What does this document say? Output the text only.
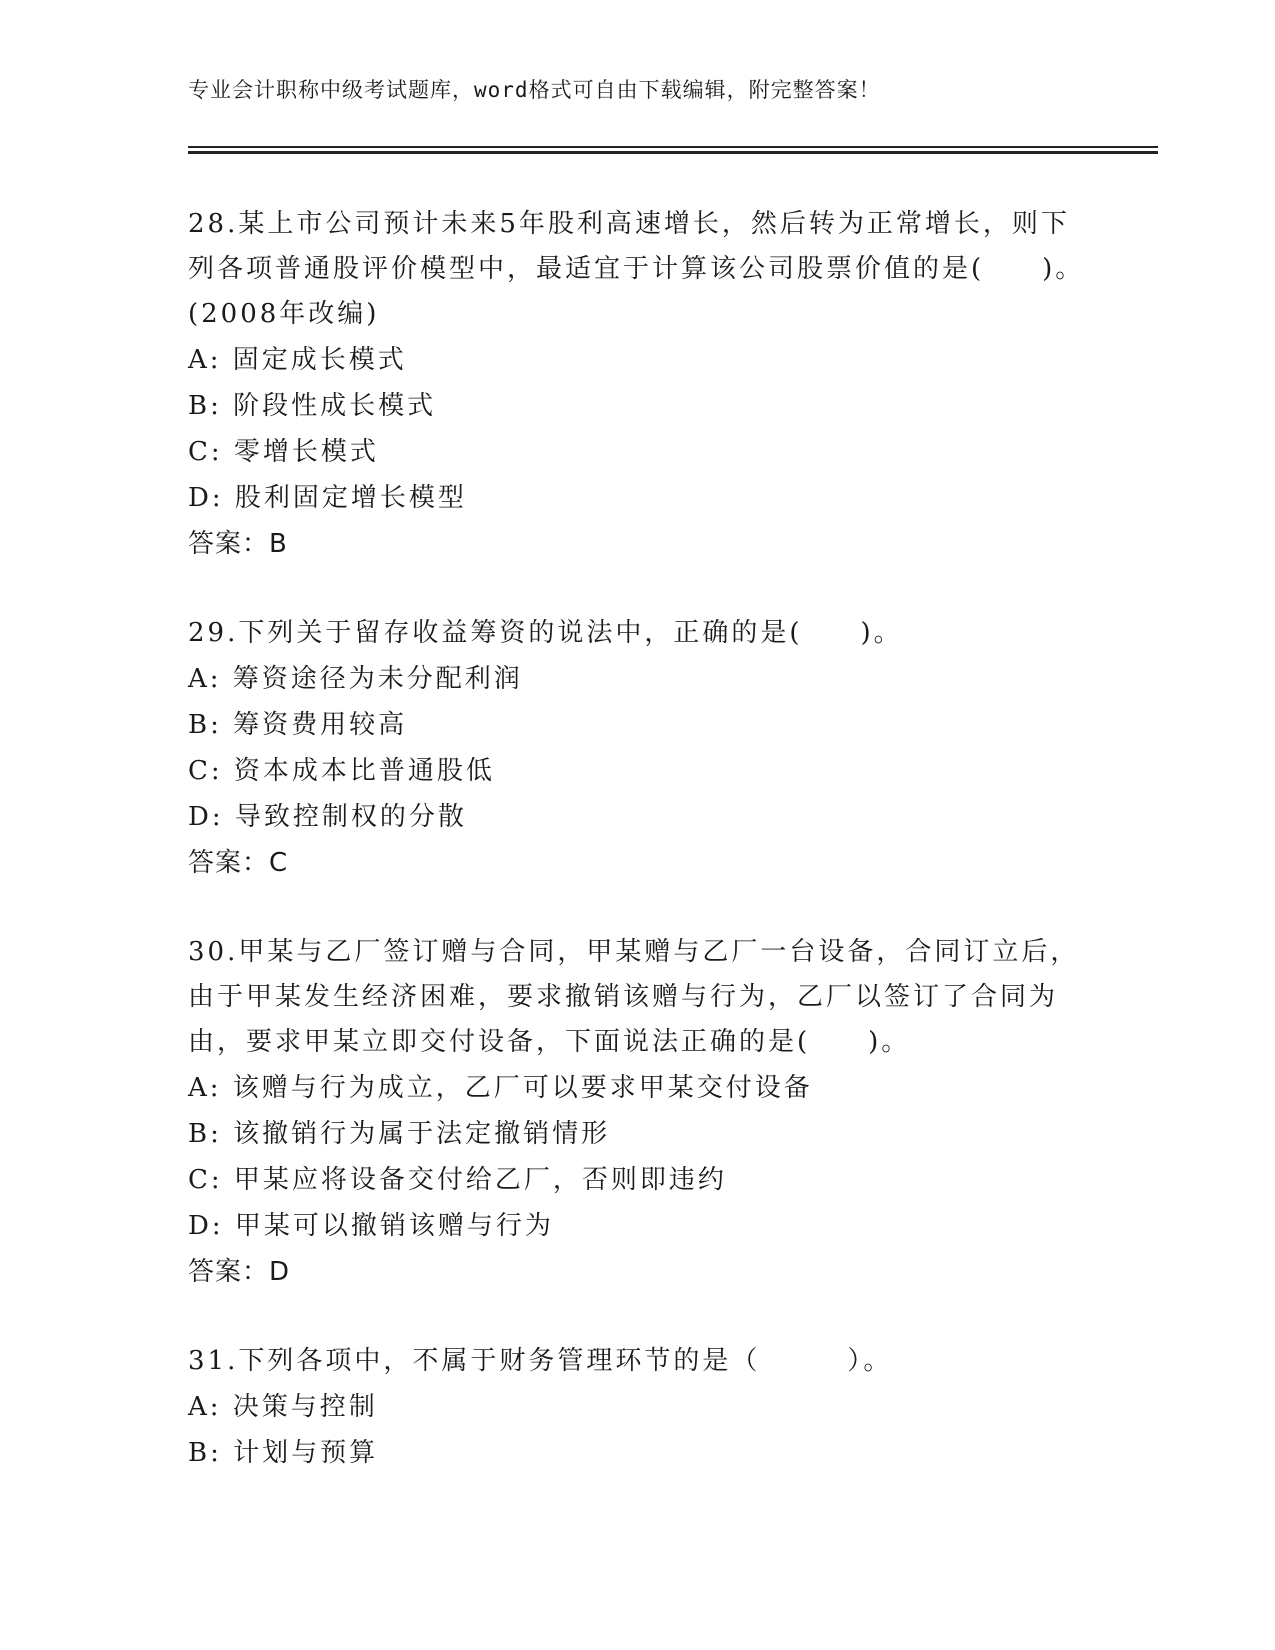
专业会计职称中级考试题库，word格式可自由下载编辑，附完整答案！
28.某上市公司预计未来5年股利高速增长，然后转为正常增长，则下列各项普通股评价模型中，最适宜于计算该公司股票价值的是(　　)。(2008年改编)
A: 固定成长模式
B: 阶段性成长模式
C: 零增长模式
D: 股利固定增长模型
答案：B
29.下列关于留存收益筹资的说法中，正确的是(　　)。
A: 筹资途径为未分配利润
B: 筹资费用较高
C: 资本成本比普通股低
D: 导致控制权的分散
答案：C
30.甲某与乙厂签订赠与合同，甲某赠与乙厂一台设备，合同订立后，由于甲某发生经济困难，要求撤销该赠与行为，乙厂以签订了合同为由，要求甲某立即交付设备，下面说法正确的是(　　)。
A: 该赠与行为成立，乙厂可以要求甲某交付设备
B: 该撤销行为属于法定撤销情形
C: 甲某应将设备交付给乙厂，否则即违约
D: 甲某可以撤销该赠与行为
答案：D
31.下列各项中，不属于财务管理环节的是（　　　）。
A: 决策与控制
B: 计划与预算
